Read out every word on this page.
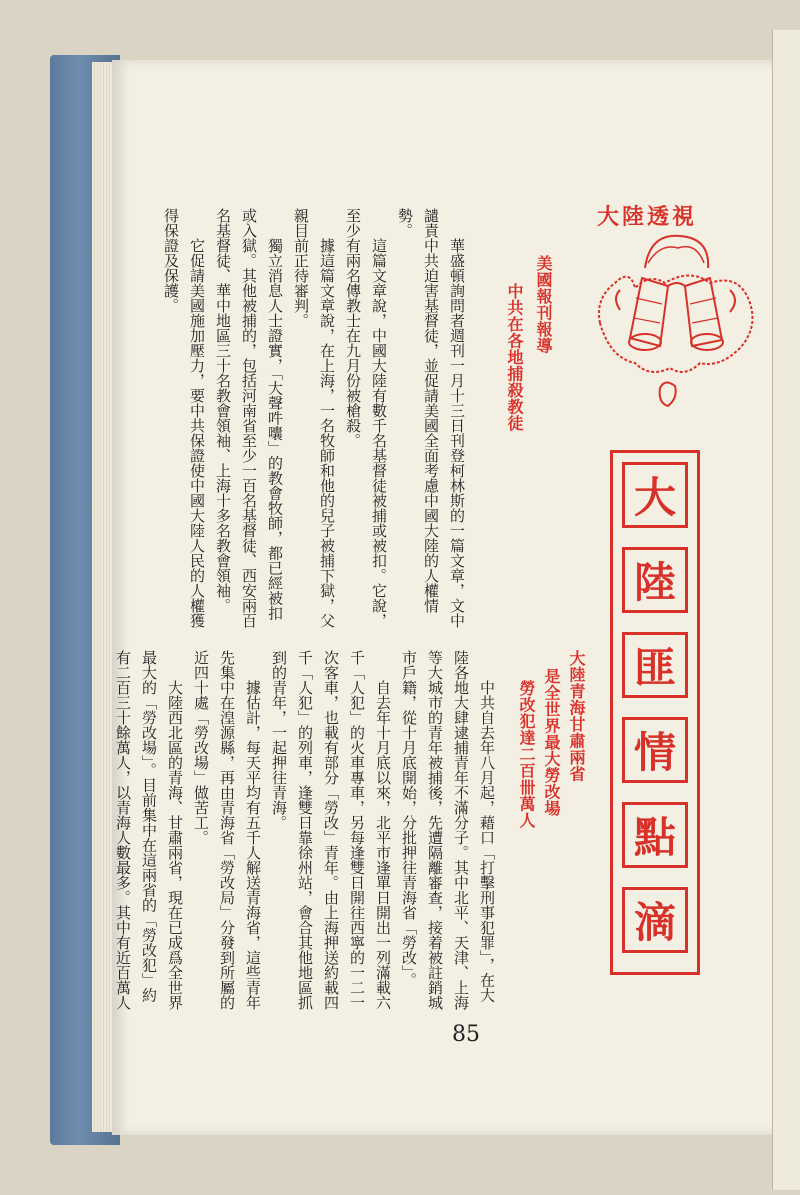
大陸透視
大
陸
匪
情
點
滴
美國報刊報導
中共在各地捕殺教徒

華盛頓詢問者週刊一月十三日刊登柯林斯的一篇文章，文中譴責中共迫害基督徒，並促請美國全面考慮中國大陸的人權情勢。

這篇文章說，中國大陸有數千名基督徒被捕或被扣。它說，至少有兩名傳教士在九月份被槍殺。

據這篇文章說，在上海，一名牧師和他的兒子被捕下獄，父親目前正待審判。

獨立消息人士證實，「大聲吽囔」的教會牧師，都已經被扣或入獄。其他被捕的，包括河南省至少一百名基督徒、西安兩百名基督徒、華中地區三十名教會領袖、上海十多名教會領袖。

它促請美國施加壓力，要中共保證使中國大陸人民的人權獲得保證及保護。

大陸青海甘肅兩省
是全世界最大勞改場
勞改犯達二百卌萬人

中共自去年八月起，藉口「打擊刑事犯罪」，在大陸各地大肆逮捕青年不滿分子。其中北平、天津、上海等大城市的青年被捕後，先遭隔離審查，接着被註銷城市戶籍，從十月底開始，分批押往青海省「勞改」。

自去年十月底以來，北平市逢單日開出一列滿載六千「人犯」的火車專車，另每逢雙日開往西寧的一二一次客車，也載有部分「勞改」青年。由上海押送約載四千「人犯」的列車，逢雙日靠徐州站，會合其他地區抓到的青年，一起押往青海。

據估計，每天平均有五千人解送青海省，這些青年先集中在湟源縣，再由青海省「勞改局」分發到所屬的近四十處「勞改場」做苦工。

大陸西北區的青海、甘肅兩省，現在已成爲全世界最大的「勞改場」。目前集中在這兩省的「勞改犯」約有二百三十餘萬人，以青海人數最多。其中有近百萬人

85
